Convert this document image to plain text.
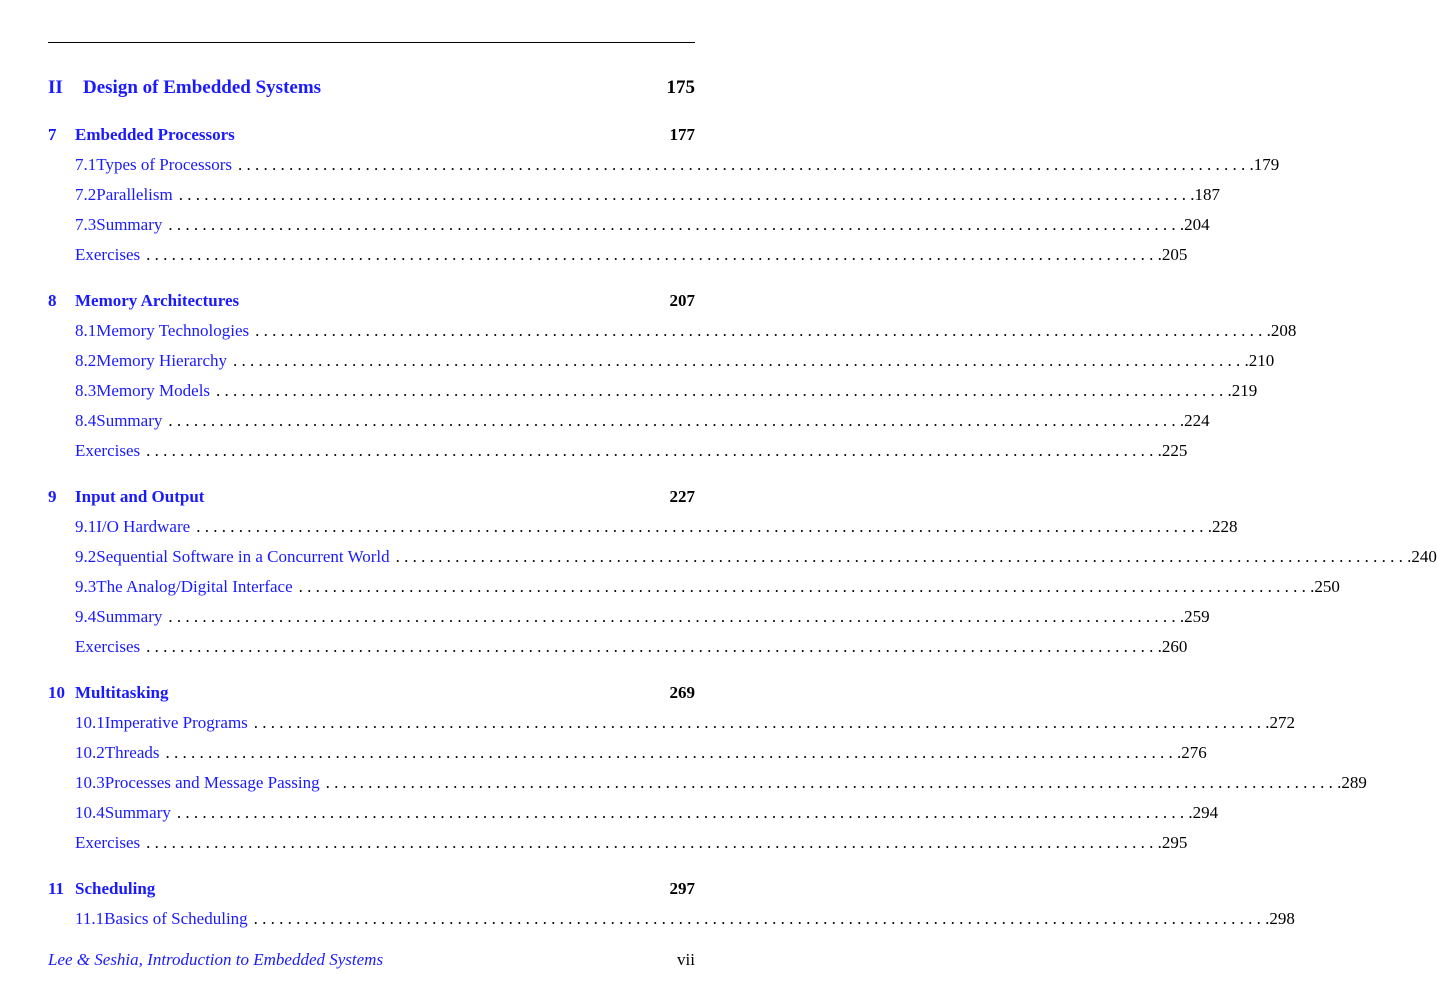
II	Design of Embedded Systems	175
7	Embedded Processors	177
7.1 Types of Processors . . . . . . . . . . . . . . . . . . . . . . . . . . . . . . . . . . . . . . . . . . . . . . . . . . . . . . . . . . . . . . . . . . . . . . . . . . . . . . . . . . . . . . . . . . . . . . . . . . . . . . . . . . . . . . . . . . . . . . . . 179
7.2 Parallelism . . . . . . . . . . . . . . . . . . . . . . . . . . . . . . . . . . . . . . . . . . . . . . . . . . . . . . . . . . . . . . . . . . . . . . . . . . . . . . . . . . . . . . . . . . . . . . . . . . . . . . . . . . . . . . . . . . . . . . . . 187
7.3 Summary . . . . . . . . . . . . . . . . . . . . . . . . . . . . . . . . . . . . . . . . . . . . . . . . . . . . . . . . . . . . . . . . . . . . . . . . . . . . . . . . . . . . . . . . . . . . . . . . . . . . . . . . . . . . . . . . . . . . . . . . 204
Exercises . . . . . . . . . . . . . . . . . . . . . . . . . . . . . . . . . . . . . . . . . . . . . . . . . . . . . . . . . . . . . . . . . . . . . . . . . . . . . . . . . . . . . . . . . . . . . . . . . . . . . . . . . . . . . . . . . . . . . . . . 205
8	Memory Architectures	207
8.1 Memory Technologies . . . . . . . . . . . . . . . . . . . . . . . . . . . . . . . . . . . . . . . . . . . . . . . . . . . . . . . . . . . . . . . . . . . . . . . . . . . . . . . . . . . . . . . . . . . . . . . . . . . . . . . . . . . . . . . . . . . . . . . . 208
8.2 Memory Hierarchy . . . . . . . . . . . . . . . . . . . . . . . . . . . . . . . . . . . . . . . . . . . . . . . . . . . . . . . . . . . . . . . . . . . . . . . . . . . . . . . . . . . . . . . . . . . . . . . . . . . . . . . . . . . . . . . . . . . . . . . . 210
8.3 Memory Models . . . . . . . . . . . . . . . . . . . . . . . . . . . . . . . . . . . . . . . . . . . . . . . . . . . . . . . . . . . . . . . . . . . . . . . . . . . . . . . . . . . . . . . . . . . . . . . . . . . . . . . . . . . . . . . . . . . . . . . . 219
8.4 Summary . . . . . . . . . . . . . . . . . . . . . . . . . . . . . . . . . . . . . . . . . . . . . . . . . . . . . . . . . . . . . . . . . . . . . . . . . . . . . . . . . . . . . . . . . . . . . . . . . . . . . . . . . . . . . . . . . . . . . . . . 224
Exercises . . . . . . . . . . . . . . . . . . . . . . . . . . . . . . . . . . . . . . . . . . . . . . . . . . . . . . . . . . . . . . . . . . . . . . . . . . . . . . . . . . . . . . . . . . . . . . . . . . . . . . . . . . . . . . . . . . . . . . . . 225
9	Input and Output	227
9.1 I/O Hardware . . . . . . . . . . . . . . . . . . . . . . . . . . . . . . . . . . . . . . . . . . . . . . . . . . . . . . . . . . . . . . . . . . . . . . . . . . . . . . . . . . . . . . . . . . . . . . . . . . . . . . . . . . . . . . . . . . . . . . . . 228
9.2 Sequential Software in a Concurrent World . . . . . . . . . . . . . . . . . . . . . . . . . . . . . . . . . . . . . . . . . . . . . . . . . . . . . . . . . . . . . . . . . . . . . . . . . . . . . . . . . . . . . . . . . . . . . . . . . . . . . . . . . . . . . . . . . . . . . . . . 240
9.3 The Analog/Digital Interface . . . . . . . . . . . . . . . . . . . . . . . . . . . . . . . . . . . . . . . . . . . . . . . . . . . . . . . . . . . . . . . . . . . . . . . . . . . . . . . . . . . . . . . . . . . . . . . . . . . . . . . . . . . . . . . . . . . . . . . . 250
9.4 Summary . . . . . . . . . . . . . . . . . . . . . . . . . . . . . . . . . . . . . . . . . . . . . . . . . . . . . . . . . . . . . . . . . . . . . . . . . . . . . . . . . . . . . . . . . . . . . . . . . . . . . . . . . . . . . . . . . . . . . . . . 259
Exercises . . . . . . . . . . . . . . . . . . . . . . . . . . . . . . . . . . . . . . . . . . . . . . . . . . . . . . . . . . . . . . . . . . . . . . . . . . . . . . . . . . . . . . . . . . . . . . . . . . . . . . . . . . . . . . . . . . . . . . . . 260
10 Multitasking	269
10.1 Imperative Programs . . . . . . . . . . . . . . . . . . . . . . . . . . . . . . . . . . . . . . . . . . . . . . . . . . . . . . . . . . . . . . . . . . . . . . . . . . . . . . . . . . . . . . . . . . . . . . . . . . . . . . . . . . . . . . . . . . . . . . . . 272
10.2 Threads . . . . . . . . . . . . . . . . . . . . . . . . . . . . . . . . . . . . . . . . . . . . . . . . . . . . . . . . . . . . . . . . . . . . . . . . . . . . . . . . . . . . . . . . . . . . . . . . . . . . . . . . . . . . . . . . . . . . . . . . 276
10.3 Processes and Message Passing . . . . . . . . . . . . . . . . . . . . . . . . . . . . . . . . . . . . . . . . . . . . . . . . . . . . . . . . . . . . . . . . . . . . . . . . . . . . . . . . . . . . . . . . . . . . . . . . . . . . . . . . . . . . . . . . . . . . . . . . 289
10.4 Summary . . . . . . . . . . . . . . . . . . . . . . . . . . . . . . . . . . . . . . . . . . . . . . . . . . . . . . . . . . . . . . . . . . . . . . . . . . . . . . . . . . . . . . . . . . . . . . . . . . . . . . . . . . . . . . . . . . . . . . . . 294
Exercises . . . . . . . . . . . . . . . . . . . . . . . . . . . . . . . . . . . . . . . . . . . . . . . . . . . . . . . . . . . . . . . . . . . . . . . . . . . . . . . . . . . . . . . . . . . . . . . . . . . . . . . . . . . . . . . . . . . . . . . . 295
11 Scheduling	297
11.1 Basics of Scheduling . . . . . . . . . . . . . . . . . . . . . . . . . . . . . . . . . . . . . . . . . . . . . . . . . . . . . . . . . . . . . . . . . . . . . . . . . . . . . . . . . . . . . . . . . . . . . . . . . . . . . . . . . . . . . . . . . . . . . . . . 298
Lee & Seshia, Introduction to Embedded Systems	vii
